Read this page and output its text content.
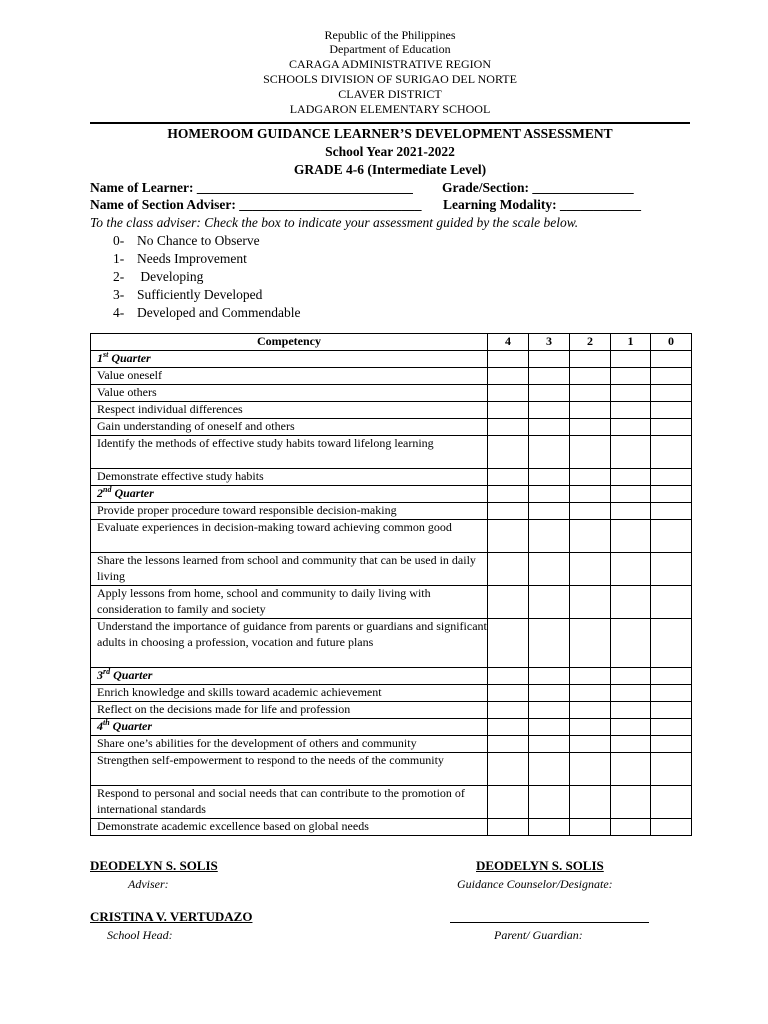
Republic of the Philippines
Department of Education
CARAGA ADMINISTRATIVE REGION
SCHOOLS DIVISION OF SURIGAO DEL NORTE
CLAVER DISTRICT
LADGARON ELEMENTARY SCHOOL
HOMEROOM GUIDANCE LEARNER’S DEVELOPMENT ASSESSMENT
School Year 2021-2022
GRADE 4-6 (Intermediate Level)
Name of Learner: ________________________________ Grade/Section: _______________
Name of Section Adviser: ___________________________ Learning Modality: ____________
To the class adviser: Check the box to indicate your assessment guided by the scale below.
0- No Chance to Observe
1- Needs Improvement
2- Developing
3- Sufficiently Developed
4- Developed and Commendable
Competency	4	3	2	1	0
1st Quarter					
Value oneself					
Value others					
Respect individual differences					
Gain understanding of oneself and others					
Identify the methods of effective study habits toward lifelong learning					
Demonstrate effective study habits					
2nd Quarter					
Provide proper procedure toward responsible decision-making					
Evaluate experiences in decision-making toward achieving common good					
Share the lessons learned from school and community that can be used in daily living					
Apply lessons from home, school and community to daily living with consideration to family and society					
Understand the importance of guidance from parents or guardians and significant adults in choosing a profession, vocation and future plans					
3rd Quarter					
Enrich knowledge and skills toward academic achievement					
Reflect on the decisions made for life and profession					
4th Quarter					
Share one’s abilities for the development of others and community					
Strengthen self-empowerment to respond to the needs of the community					
Respond to personal and social needs that can contribute to the promotion of international standards					
Demonstrate academic excellence based on global needs					
DEODELYN S. SOLIS
Adviser:
DEODELYN S. SOLIS
Guidance Counselor/Designate:
CRISTINA V. VERTUDAZO
School Head:	Parent/ Guardian:
